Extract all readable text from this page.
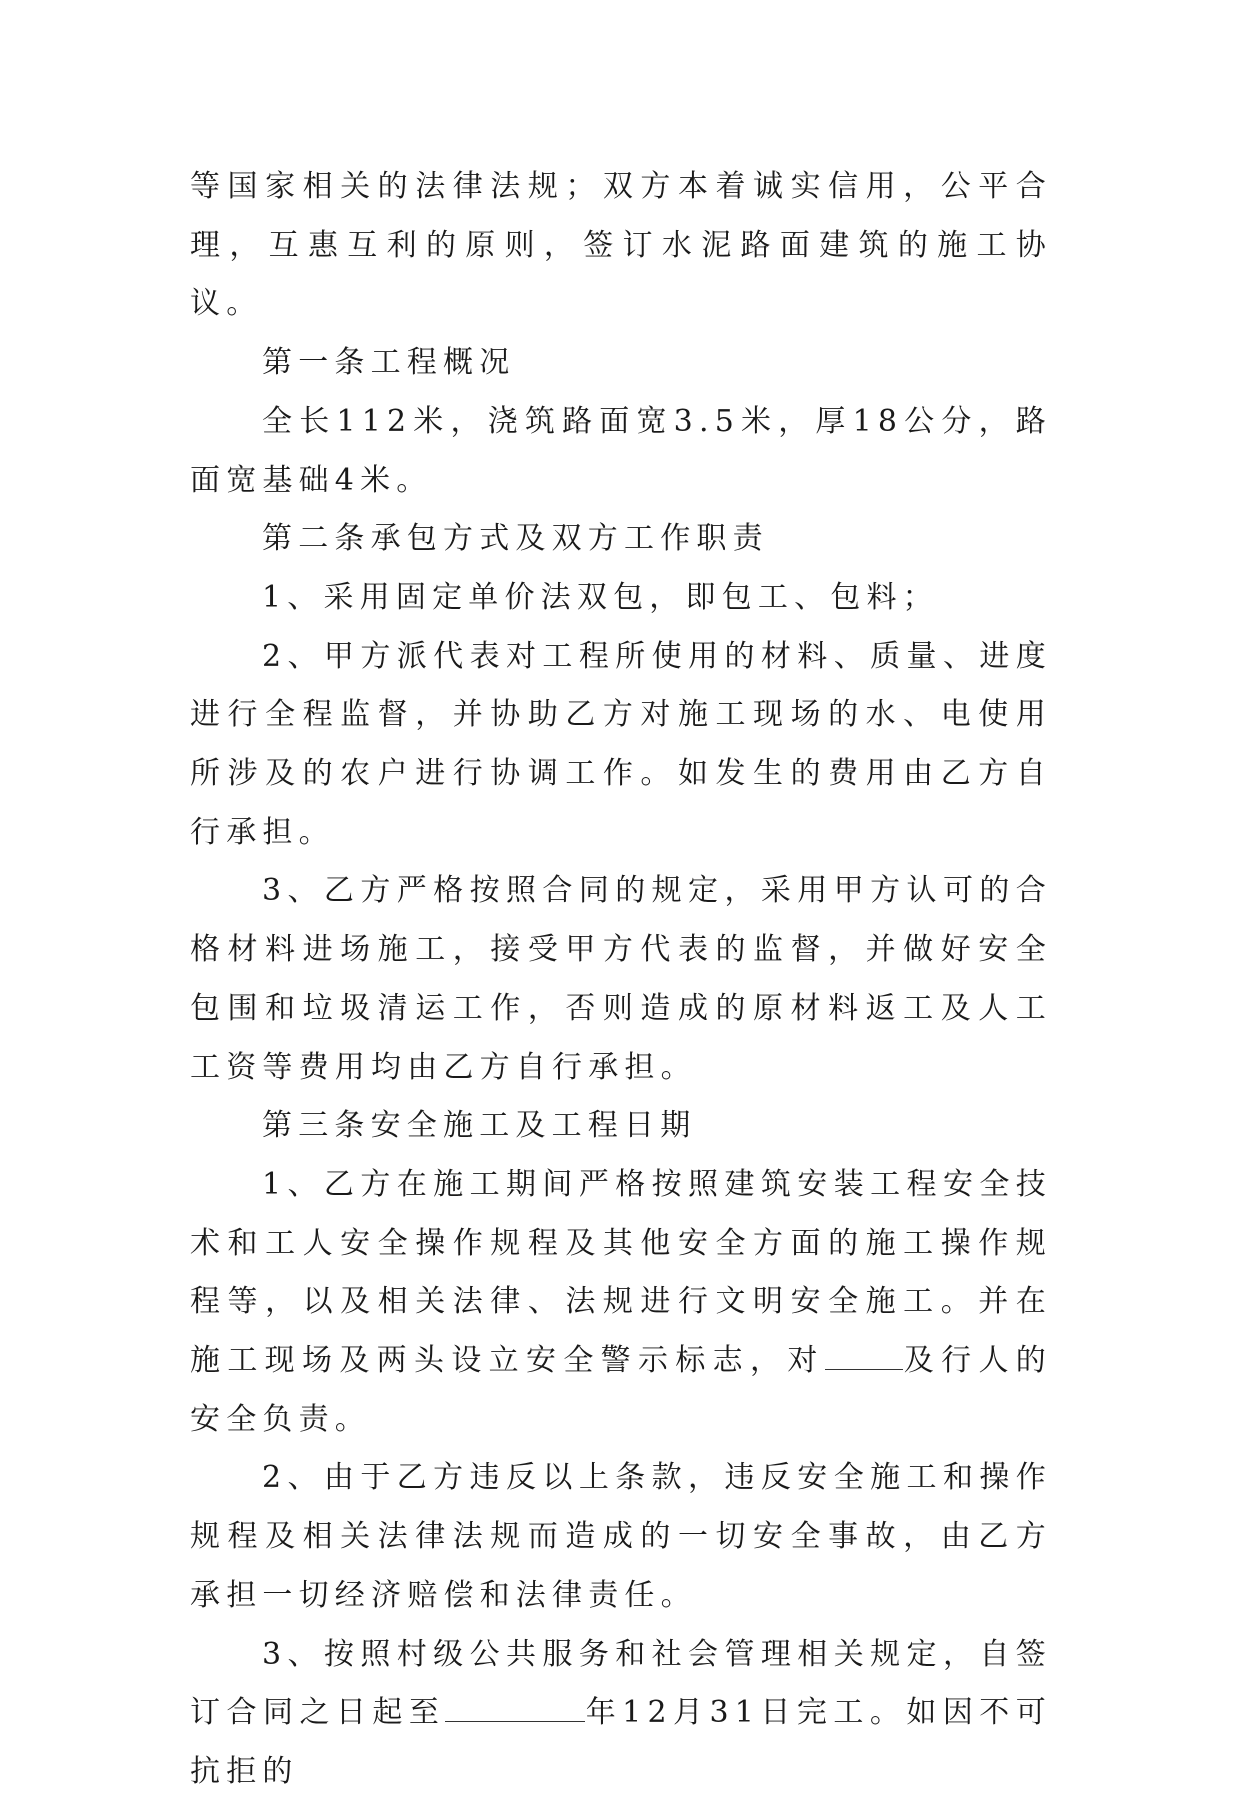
等国家相关的法律法规；双方本着诚实信用，公平合理，互惠互利的原则，签订水泥路面建筑的施工协议。

第一条工程概况

全长112米，浇筑路面宽3.5米，厚18公分，路面宽基础4米。

第二条承包方式及双方工作职责

1、采用固定单价法双包，即包工、包料；

2、甲方派代表对工程所使用的材料、质量、进度进行全程监督，并协助乙方对施工现场的水、电使用所涉及的农户进行协调工作。如发生的费用由乙方自行承担。

3、乙方严格按照合同的规定，采用甲方认可的合格材料进场施工，接受甲方代表的监督，并做好安全包围和垃圾清运工作，否则造成的原材料返工及人工工资等费用均由乙方自行承担。

第三条安全施工及工程日期

1、乙方在施工期间严格按照建筑安装工程安全技术和工人安全操作规程及其他安全方面的施工操作规程等，以及相关法律、法规进行文明安全施工。并在施工现场及两头设立安全警示标志，对	及行人的安全负责。

2、由于乙方违反以上条款，违反安全施工和操作规程及相关法律法规而造成的一切安全事故，由乙方承担一切经济赔偿和法律责任。

3、按照村级公共服务和社会管理相关规定，自签订合同之日起至	年12月31日完工。如因不可抗拒的
